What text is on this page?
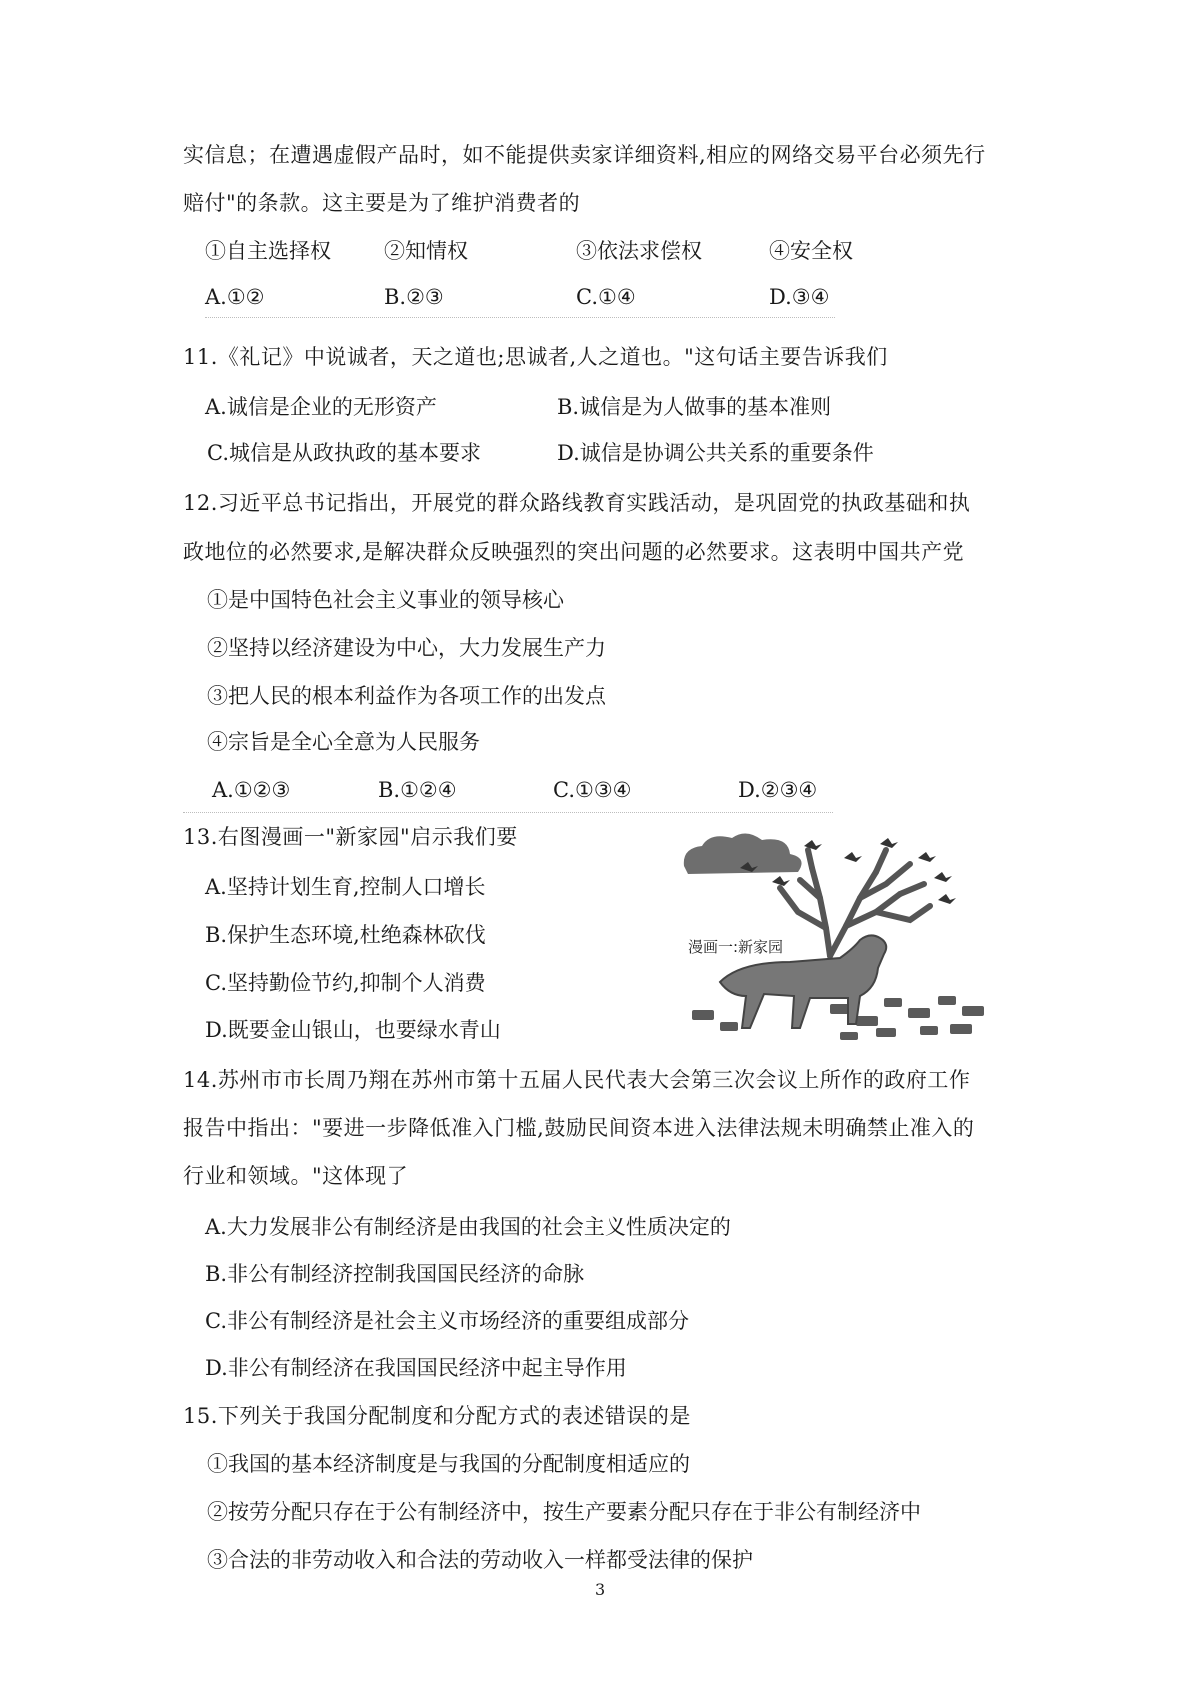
实信息；在遭遇虚假产品时，如不能提供卖家详细资料,相应的网络交易平台必须先行
赔付"的条款。这主要是为了维护消费者的
①自主选择权	②知情权	③依法求偿权	④安全权
A.①②	B.②③	C.①④	D.③④
11.《礼记》中说诚者，天之道也;思诚者,人之道也。"这句话主要告诉我们
A.诚信是企业的无形资产	B.诚信是为人做事的基本准则
C.城信是从政执政的基本要求	D.诚信是协调公共关系的重要条件
12.习近平总书记指出，开展党的群众路线教育实践活动，是巩固党的执政基础和执
政地位的必然要求,是解决群众反映强烈的突出问题的必然要求。这表明中国共产党
①是中国特色社会主义事业的领导核心
②坚持以经济建设为中心，大力发展生产力
③把人民的根本利益作为各项工作的出发点
④宗旨是全心全意为人民服务
A.①②③	B.①②④	C.①③④	D.②③④
13.右图漫画一"新家园"启示我们要
A.坚持计划生育,控制人口增长
B.保护生态环境,杜绝森林砍伐
C.坚持勤俭节约,抑制个人消费
D.既要金山银山，也要绿水青山
漫画一:新家园
14.苏州市市长周乃翔在苏州市第十五届人民代表大会第三次会议上所作的政府工作
报告中指出："要进一步降低准入门槛,鼓励民间资本进入法律法规未明确禁止准入的
行业和领域。"这体现了
A.大力发展非公有制经济是由我国的社会主义性质决定的
B.非公有制经济控制我国国民经济的命脉
C.非公有制经济是社会主义市场经济的重要组成部分
D.非公有制经济在我国国民经济中起主导作用
15.下列关于我国分配制度和分配方式的表述错误的是
①我国的基本经济制度是与我国的分配制度相适应的
②按劳分配只存在于公有制经济中，按生产要素分配只存在于非公有制经济中
③合法的非劳动收入和合法的劳动收入一样都受法律的保护
3
